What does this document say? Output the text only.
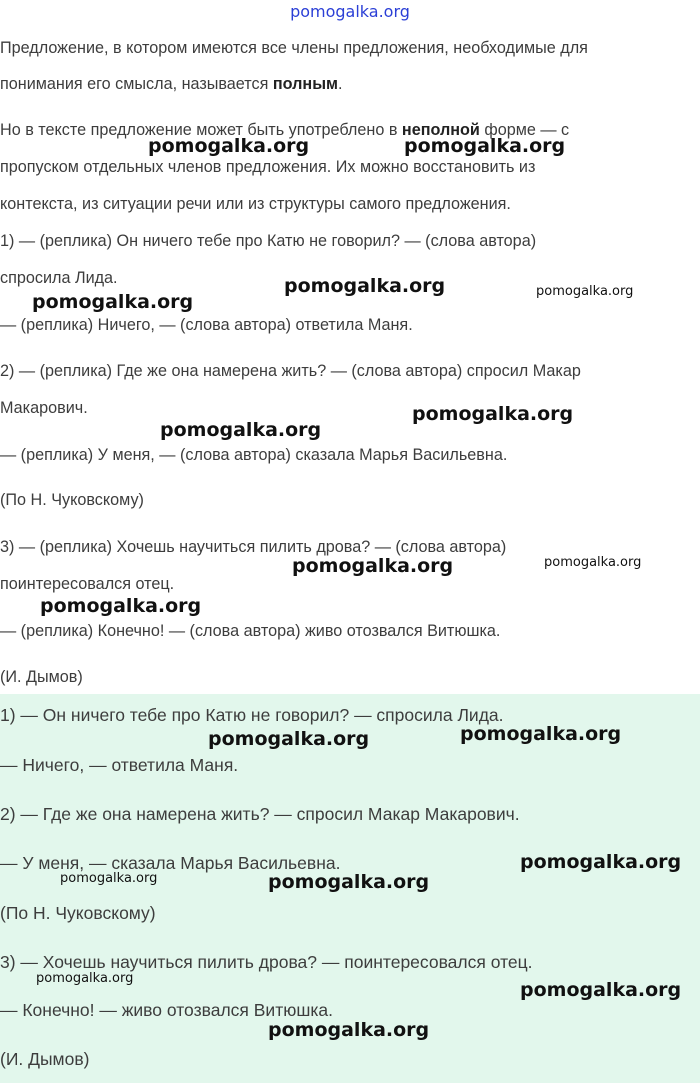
pomogalka.org
Предложение, в котором имеются все члены предложения, необходимые для
понимания его смысла, называется полным.
Но в тексте предложение может быть употреблено в неполной форме — с
пропуском отдельных членов предложения. Их можно восстановить из
контекста, из ситуации речи или из структуры самого предложения.
1) — (реплика) Он ничего тебе про Катю не говорил? — (слова автора)
спросила Лида.
— (реплика) Ничего, — (слова автора) ответила Маня.
2) — (реплика) Где же она намерена жить? — (слова автора) спросил Макар
Макарович.
— (реплика) У меня, — (слова автора) сказала Марья Васильевна.
(По Н. Чуковскому)
3) — (реплика) Хочешь научиться пилить дрова? — (слова автора)
поинтересовался отец.
— (реплика) Конечно! — (слова автора) живо отозвался Витюшка.
(И. Дымов)
1) — Он ничего тебе про Катю не говорил? — спросила Лида.
— Ничего, — ответила Маня.
2) — Где же она намерена жить? — спросил Макар Макарович.
— У меня, — сказала Марья Васильевна.
(По Н. Чуковскому)
3) — Хочешь научиться пилить дрова? — поинтересовался отец.
— Конечно! — живо отозвался Витюшка.
(И. Дымов)
pomogalka.org	pomogalka.org
pomogalka.org	pomogalka.org
pomogalka.org
pomogalka.org
pomogalka.org
pomogalka.org	pomogalka.org
pomogalka.org
pomogalka.org	pomogalka.org
pomogalka.org
pomogalka.org	pomogalka.org
pomogalka.org
pomogalka.org
pomogalka.org
